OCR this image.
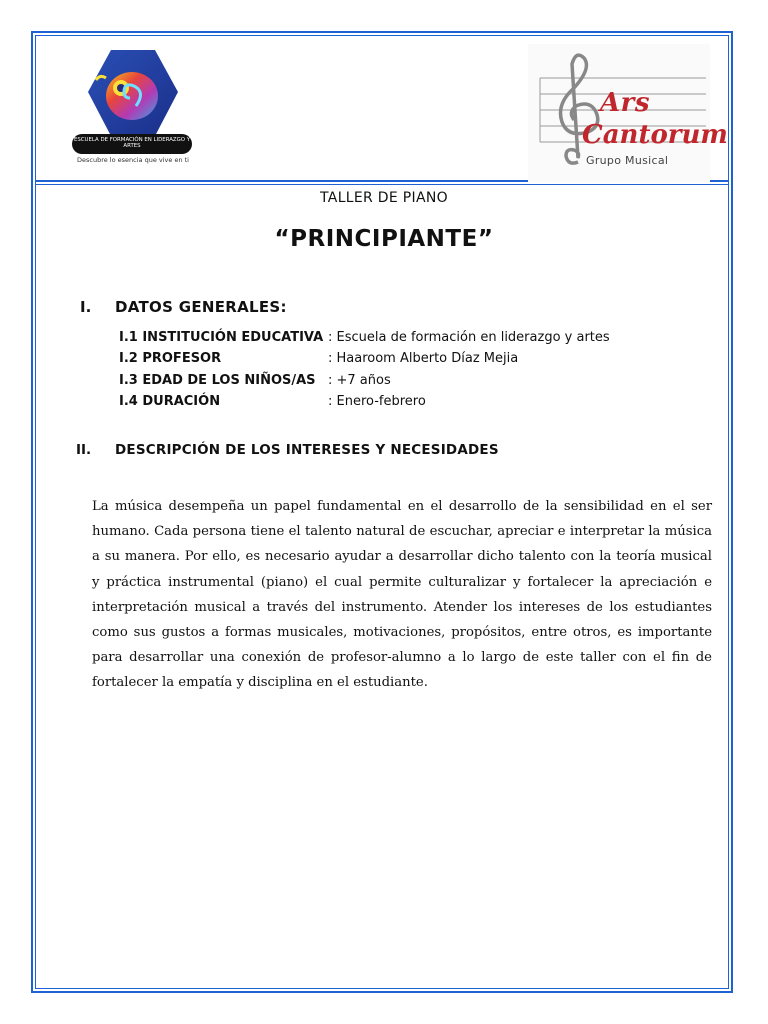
ESCUELA DE FORMACIÓN EN LIDERAZGO Y ARTES
Descubre lo esencia que vive en ti
Ars
Cantorum
Grupo Musical
TALLER DE PIANO
“PRINCIPIANTE”
I. DATOS GENERALES:
I.1 INSTITUCIÓN EDUCATIVA : Escuela de formación en liderazgo y artes
I.2 PROFESOR	: Haaroom Alberto Díaz Mejia
I.3 EDAD DE LOS NIÑOS/AS : +7 años
I.4 DURACIÓN	: Enero-febrero
II. DESCRIPCIÓN DE LOS INTERESES Y NECESIDADES
La música desempeña un papel fundamental en el desarrollo de la sensibilidad en el ser humano. Cada persona tiene el talento natural de escuchar, apreciar e interpretar la música a su manera. Por ello, es necesario ayudar a desarrollar dicho talento con la teoría musical y práctica instrumental (piano) el cual permite culturalizar y fortalecer la apreciación e interpretación musical a través del instrumento. Atender los intereses de los estudiantes como sus gustos a formas musicales, motivaciones, propósitos, entre otros, es importante para desarrollar una conexión de profesor-alumno a lo largo de este taller con el fin de fortalecer la empatía y disciplina en el estudiante.
